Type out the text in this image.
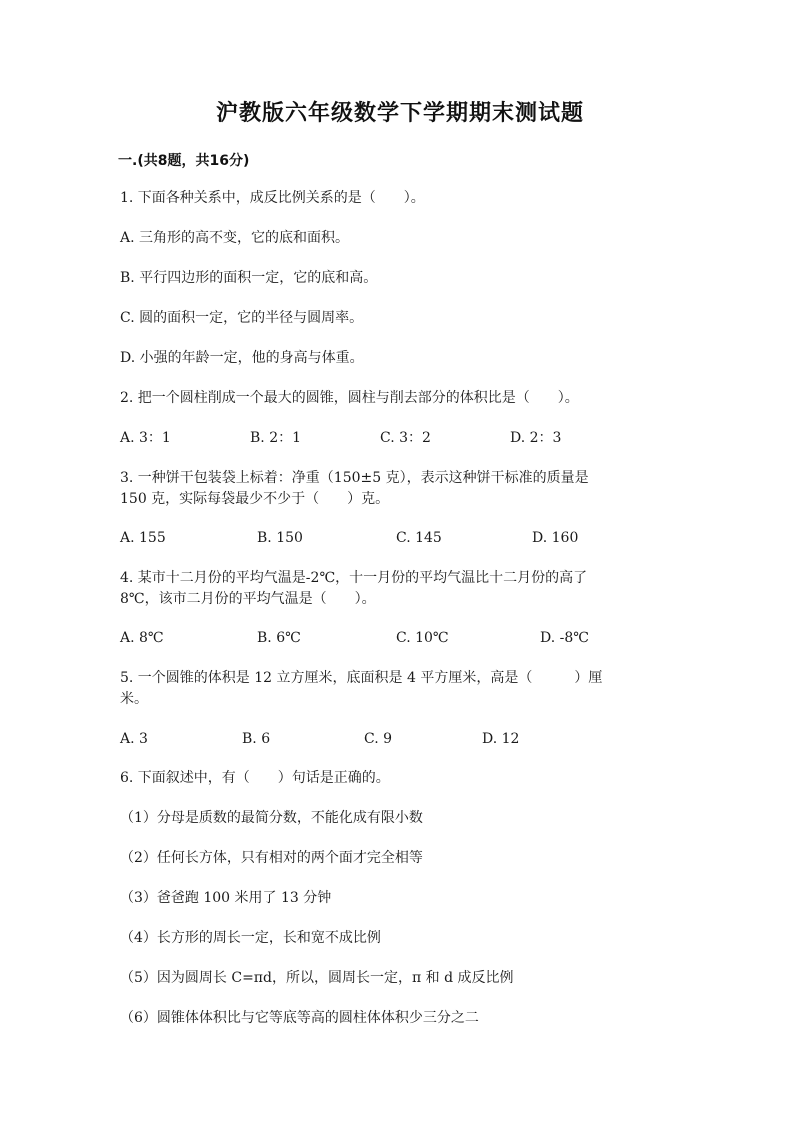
沪教版六年级数学下学期期末测试题
一.(共8题，共16分)
1. 下面各种关系中，成反比例关系的是（　　）。
A. 三角形的高不变，它的底和面积。
B. 平行四边形的面积一定，它的底和高。
C. 圆的面积一定，它的半径与圆周率。
D. 小强的年龄一定，他的身高与体重。
2. 把一个圆柱削成一个最大的圆锥，圆柱与削去部分的体积比是（　　）。
A. 3：1	B. 2：1	C. 3：2	D. 2：3
3. 一种饼干包装袋上标着：净重（150±5 克），表示这种饼干标准的质量是
150 克，实际每袋最少不少于（　　）克。
A. 155	B. 150	C. 145	D. 160
4. 某市十二月份的平均气温是-2℃，十一月份的平均气温比十二月份的高了
8℃，该市二月份的平均气温是（　　）。
A. 8℃	B. 6℃	C. 10℃	D. -8℃
5. 一个圆锥的体积是 12 立方厘米，底面积是 4 平方厘米，高是（　　　）厘
米。
A. 3	B. 6	C. 9	D. 12
6. 下面叙述中，有（　　）句话是正确的。
（1）分母是质数的最简分数，不能化成有限小数
（2）任何长方体，只有相对的两个面才完全相等
（3）爸爸跑 100 米用了 13 分钟
（4）长方形的周长一定，长和宽不成比例
（5）因为圆周长 C=πd，所以，圆周长一定，π 和 d 成反比例
（6）圆锥体体积比与它等底等高的圆柱体体积少三分之二
